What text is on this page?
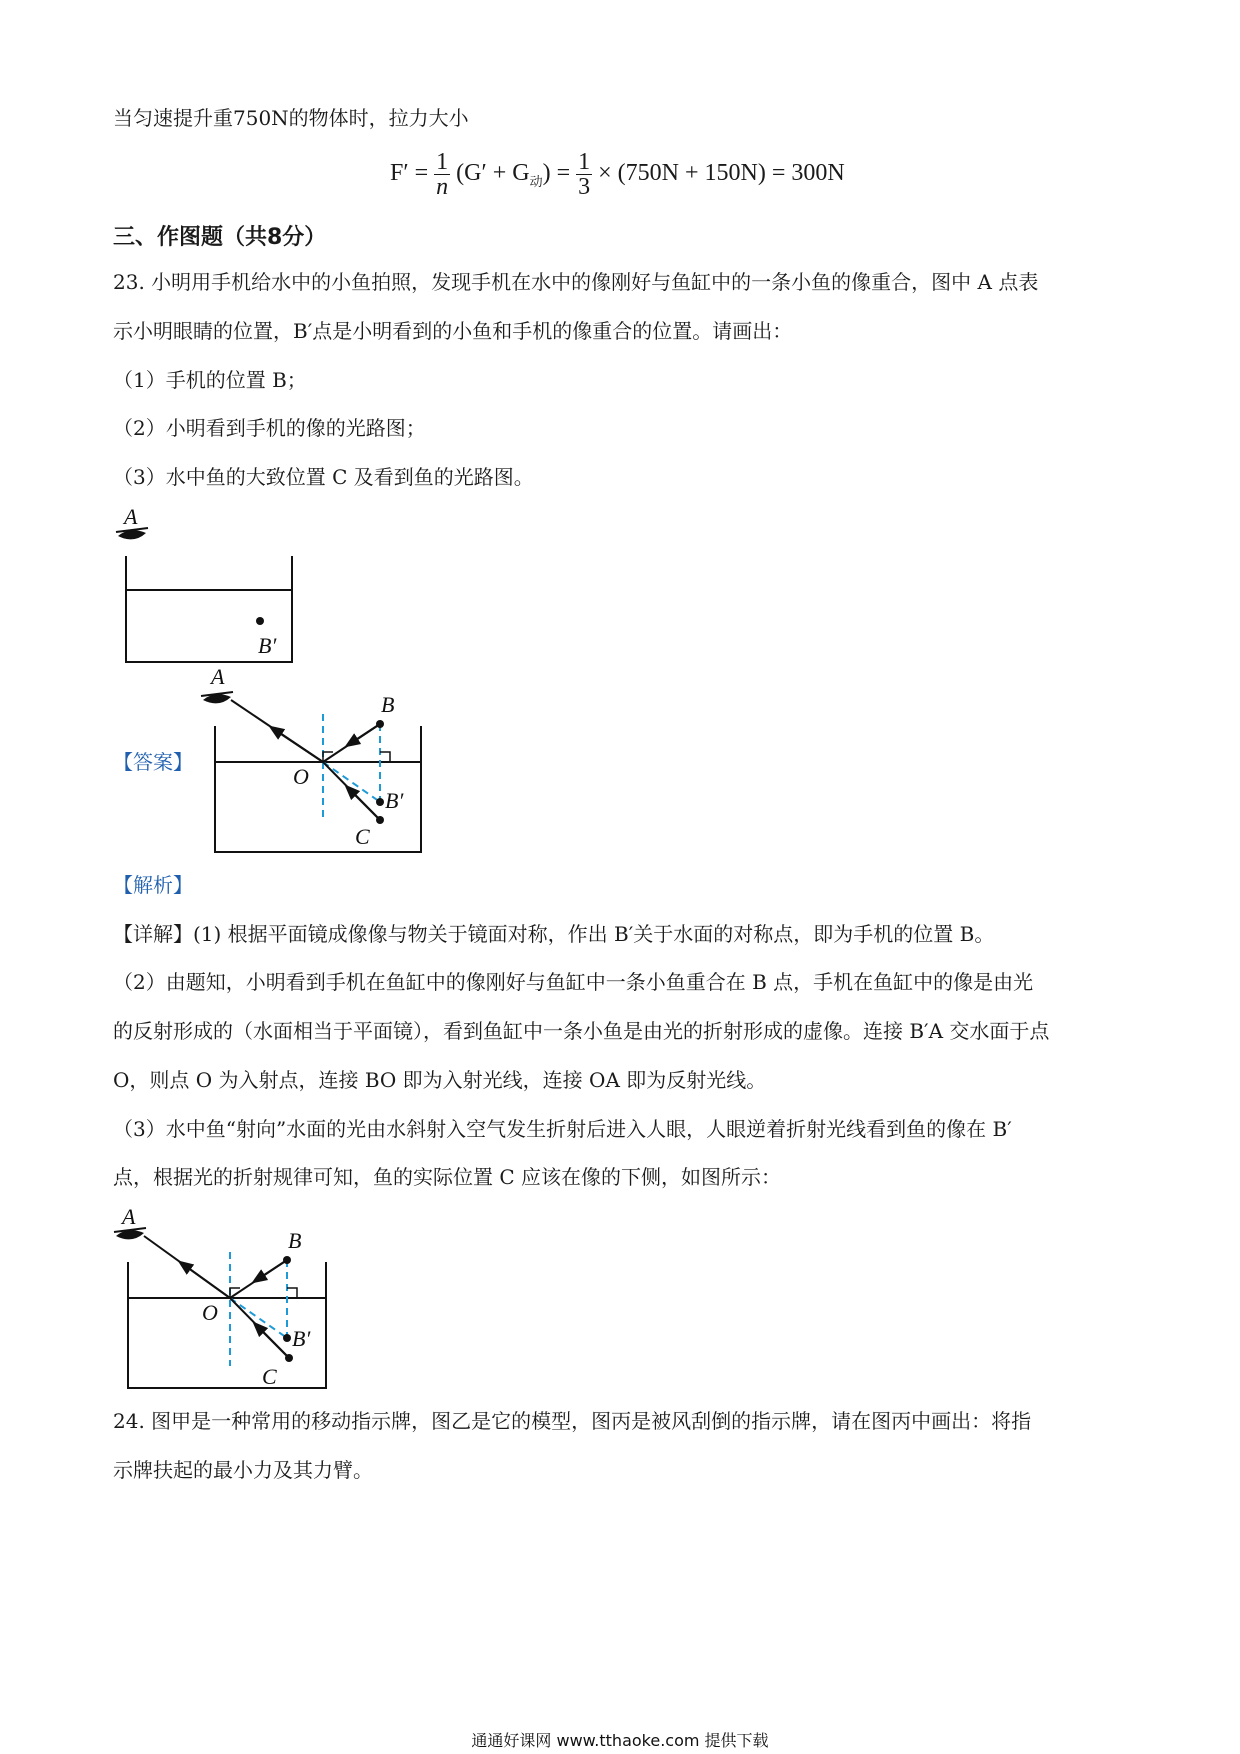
当匀速提升重750N的物体时，拉力大小
$F' = \frac{1}{n} (G' + G_动) = \frac{1}{3} \times (750N + 150N) = 300N$
三、作图题（共8分）
23. 小明用手机给水中的小鱼拍照，发现手机在水中的像刚好与鱼缸中的一条小鱼的像重合，图中 A 点表
示小明眼睛的位置，B′点是小明看到的小鱼和手机的像重合的位置。请画出：
（1）手机的位置 B；
（2）小明看到手机的像的光路图；
（3）水中鱼的大致位置 C 及看到鱼的光路图。
A
B′
【答案】
A
B
B′
C
O
【解析】
【详解】(1) 根据平面镜成像像与物关于镜面对称，作出 B′关于水面的对称点，即为手机的位置 B。
（2）由题知，小明看到手机在鱼缸中的像刚好与鱼缸中一条小鱼重合在 B 点，手机在鱼缸中的像是由光
的反射形成的（水面相当于平面镜），看到鱼缸中一条小鱼是由光的折射形成的虚像。连接 B′A 交水面于点
O，则点 O 为入射点，连接 BO 即为入射光线，连接 OA 即为反射光线。
（3）水中鱼“射向”水面的光由水斜射入空气发生折射后进入人眼，人眼逆着折射光线看到鱼的像在 B′
点，根据光的折射规律可知，鱼的实际位置 C 应该在像的下侧，如图所示：
A
B
B′
C
O
24. 图甲是一种常用的移动指示牌，图乙是它的模型，图丙是被风刮倒的指示牌，请在图丙中画出：将指
示牌扶起的最小力及其力臂。
通通好课网 www.tthaoke.com 提供下载
